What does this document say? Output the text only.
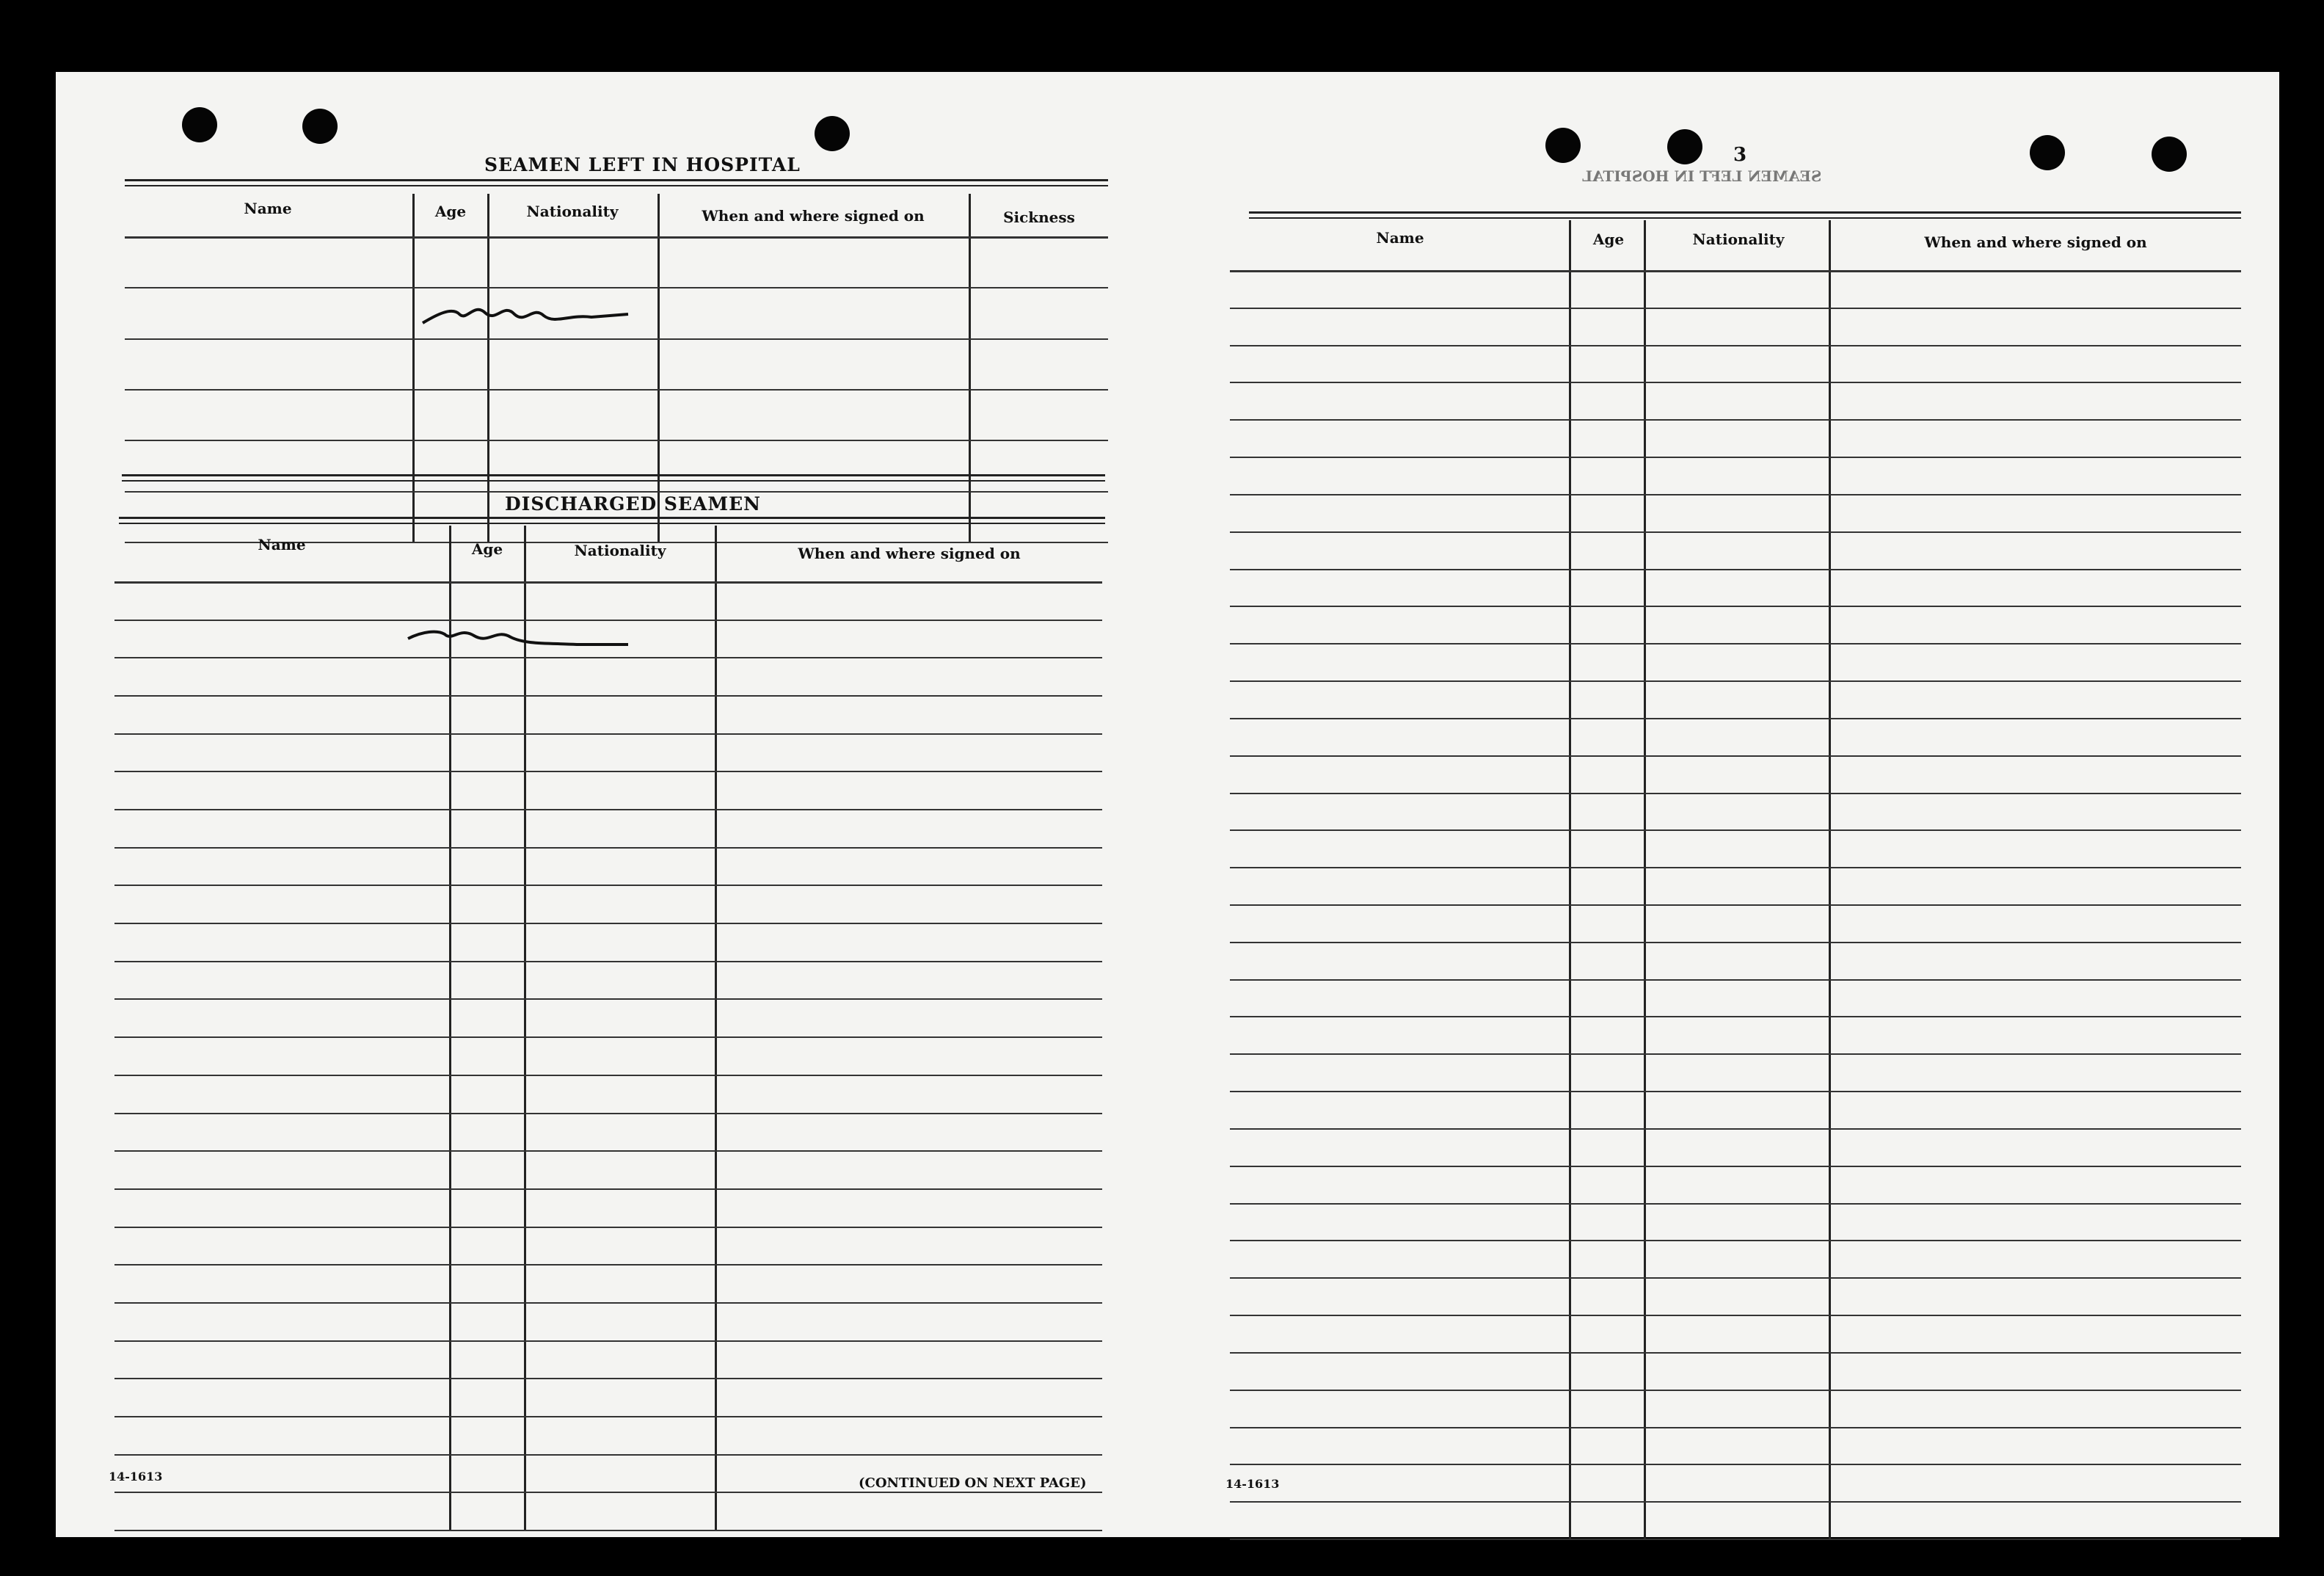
3
SEAMEN LEFT IN HOSPITAL
SEAMEN LEFT IN HOSPITAL
Name	Age	Nationality	When and where signed on	Sickness
DISCHARGED SEAMEN
Name	Age	Nationality	When and where signed on
14-1613	(CONTINUED ON NEXT PAGE)
Name	Age	Nationality	When and where signed on
14-1613
